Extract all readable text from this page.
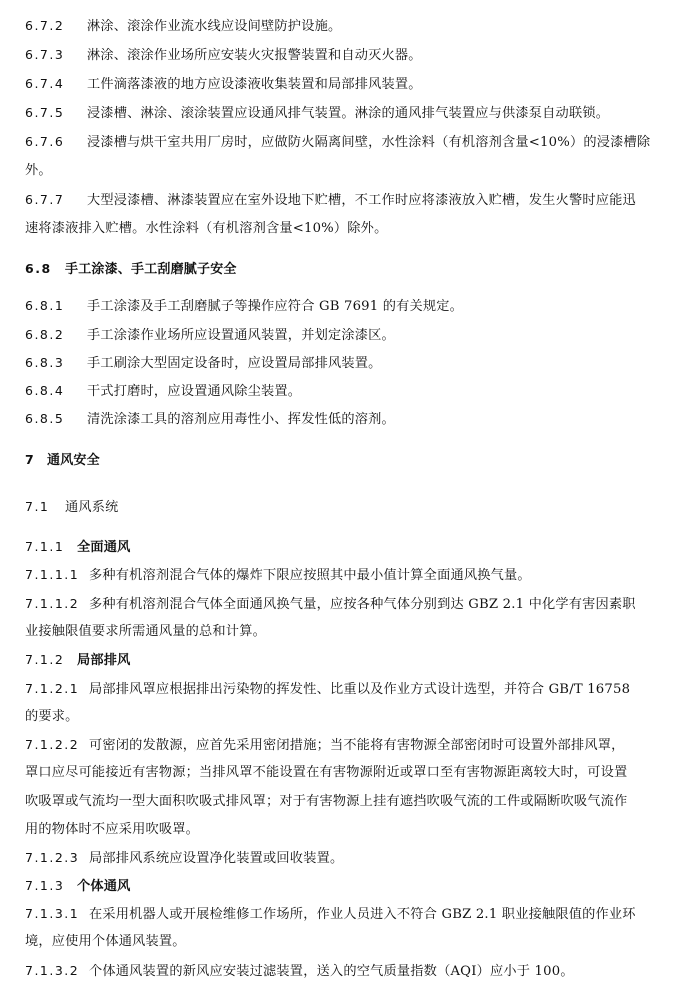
6.7.2 淋涂、滚涂作业流水线应设间壁防护设施。
6.7.3 淋涂、滚涂作业场所应安装火灾报警装置和自动灭火器。
6.7.4 工件滴落漆液的地方应设漆液收集装置和局部排风装置。
6.7.5 浸漆槽、淋涂、滚涂装置应设通风排气装置。淋涂的通风排气装置应与供漆泵自动联锁。
6.7.6 浸漆槽与烘干室共用厂房时，应做防火隔离间壁，水性涂料（有机溶剂含量<10%）的浸漆槽除
外。
6.7.7 大型浸漆槽、淋漆装置应在室外设地下贮槽，不工作时应将漆液放入贮槽，发生火警时应能迅
速将漆液排入贮槽。水性涂料（有机溶剂含量<10%）除外。
6.8 手工涂漆、手工刮磨腻子安全
6.8.1 手工涂漆及手工刮磨腻子等操作应符合 GB 7691 的有关规定。
6.8.2 手工涂漆作业场所应设置通风装置，并划定涂漆区。
6.8.3 手工刷涂大型固定设备时，应设置局部排风装置。
6.8.4 干式打磨时，应设置通风除尘装置。
6.8.5 清洗涂漆工具的溶剂应用毒性小、挥发性低的溶剂。
7 通风安全
7.1 通风系统
7.1.1 全面通风
7.1.1.1 多种有机溶剂混合气体的爆炸下限应按照其中最小值计算全面通风换气量。
7.1.1.2 多种有机溶剂混合气体全面通风换气量，应按各种气体分别到达 GBZ 2.1 中化学有害因素职
业接触限值要求所需通风量的总和计算。
7.1.2 局部排风
7.1.2.1 局部排风罩应根据排出污染物的挥发性、比重以及作业方式设计选型，并符合 GB/T 16758
的要求。
7.1.2.2 可密闭的发散源，应首先采用密闭措施；当不能将有害物源全部密闭时可设置外部排风罩，
罩口应尽可能接近有害物源；当排风罩不能设置在有害物源附近或罩口至有害物源距离较大时，可设置
吹吸罩或气流均一型大面积吹吸式排风罩；对于有害物源上挂有遮挡吹吸气流的工件或隔断吹吸气流作
用的物体时不应采用吹吸罩。
7.1.2.3 局部排风系统应设置净化装置或回收装置。
7.1.3 个体通风
7.1.3.1 在采用机器人或开展检维修工作场所，作业人员进入不符合 GBZ 2.1 职业接触限值的作业环
境，应使用个体通风装置。
7.1.3.2 个体通风装置的新风应安装过滤装置，送入的空气质量指数（AQI）应小于 100。
